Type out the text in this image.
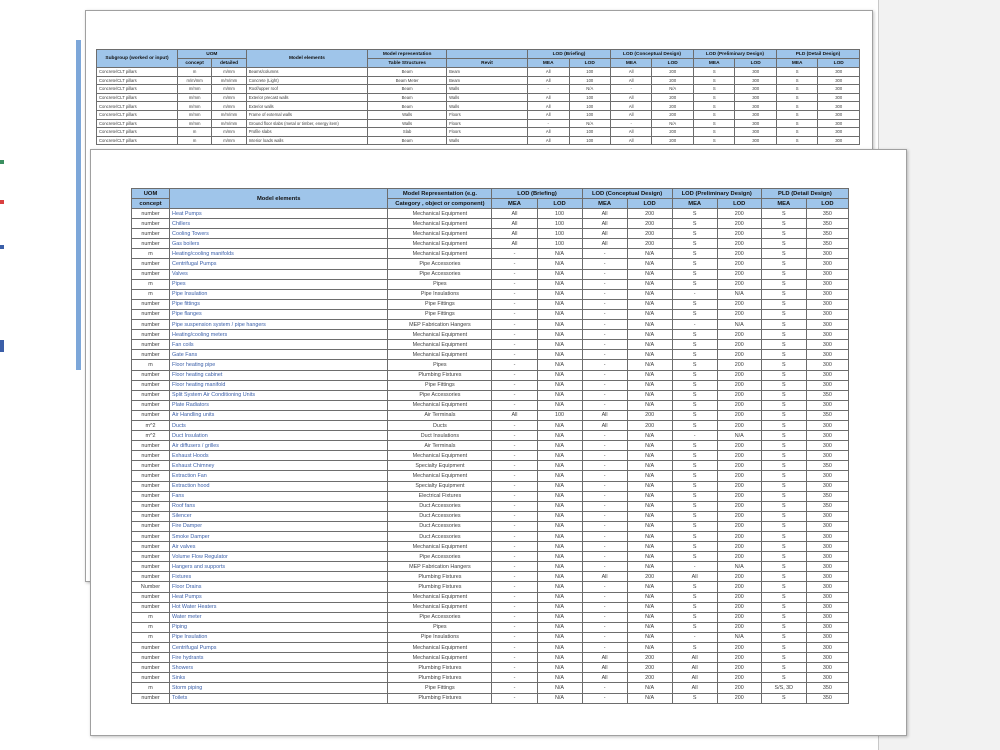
Subgroup (worked or input)	UOM		Model elements	Model representation		LOD (Briefing)		LOD (Conceptual Design)		LOD (Preliminary Design)		PLD (Detail Design)	
	concept	detailed		Table Structures	Revit	MEA	LOD	MEA	LOD	MEA	LOD	MEA	LOD
Concrete/CLT pillars	m	m/mm	Beams/columns	Beam	Beam	All	100	All	200	S	300	S	300
Concrete/CLT pillars	m/m/mm	m/m/mm	Concrete (Light)	Beam Meter	Beam	All	100	All	200	S	300	S	300
Concrete/CLT pillars	m/mm	m/mm	Roof/upper roof	Beam	Walls	-	N/A	-	N/A	S	300	S	300
Concrete/CLT pillars	m/mm	m/mm	Exterior precast walls	Beam	Walls	All	100	All	200	S	300	S	300
Concrete/CLT pillars	m/mm	m/mm	Exterior walls	Beam	Walls	All	100	All	200	S	300	S	300
Concrete/CLT pillars	m/mm	m/m/mm	Frame of external walls	Walls	Floors	All	100	All	200	S	300	S	300
Concrete/CLT pillars	m/mm	m/m/mm	Ground floor slabs (metal or timber, energy item)	Walls	Floors	-	N/A	-	N/A	S	300	S	300
Concrete/CLT pillars	m	m/mm	Profile slabs	Slab	Floors	All	100	All	200	S	300	S	300
Concrete/CLT pillars	m	m/mm	Interior loads walls	Beam	Walls	All	100	All	200	S	300	S	300
UOM	Model elements	Model Representation (e.g.	LOD (Briefing)		LOD (Conceptual Design)		LOD (Preliminary Design)		PLD (Detail Design)	
concept		Category , object or component)	MEA	LOD	MEA	LOD	MEA	LOD	MEA	LOD
number	Heat Pumps	Mechanical Equipment	All	100	All	200	S	200	S	350
number	Chillers	Mechanical Equipment	All	100	All	200	S	200	S	350
number	Cooling Towers	Mechanical Equipment	All	100	All	200	S	200	S	350
number	Gas boilers	Mechanical Equipment	All	100	All	200	S	200	S	350
m	Heating/cooling manifolds	Mechanical Equipment	-	N/A	-	N/A	S	200	S	300
number	Centrifugal Pumps	Pipe Accessories	-	N/A	-	N/A	S	200	S	300
number	Valves	Pipe Accessories	-	N/A	-	N/A	S	200	S	300
m	Pipes	Pipes	-	N/A	-	N/A	S	200	S	300
m	Pipe Insulation	Pipe Insulations	-	N/A	-	N/A	-	N/A	S	300
number	Pipe fittings	Pipe Fittings	-	N/A	-	N/A	S	200	S	300
number	Pipe flanges	Pipe Fittings	-	N/A	-	N/A	S	200	S	300
number	Pipe suspension system / pipe hangers	MEP Fabrication Hangers	-	N/A	-	N/A	-	N/A	S	300
number	Heating/cooling meters	Mechanical Equipment	-	N/A	-	N/A	S	200	S	300
number	Fan coils	Mechanical Equipment	-	N/A	-	N/A	S	200	S	300
number	Gate Fans	Mechanical Equipment	-	N/A	-	N/A	S	200	S	300
m	Floor heating pipe	Pipes	-	N/A	-	N/A	S	200	S	300
number	Floor heating cabinet	Plumbing Fixtures	-	N/A	-	N/A	S	200	S	300
number	Floor heating manifold	Pipe Fittings	-	N/A	-	N/A	S	200	S	300
number	Split System Air Conditioning Units	Pipe Accessories	-	N/A	-	N/A	S	200	S	350
number	Plate Radiators	Mechanical Equipment	-	N/A	-	N/A	S	200	S	300
number	Air Handling units	Air Terminals	All	100	All	200	S	200	S	350
m^2	Ducts	Ducts	-	N/A	All	200	S	200	S	300
m^2	Duct Insulation	Duct Insulations	-	N/A	-	N/A	-	N/A	S	300
number	Air diffusers / grilles	Air Terminals	-	N/A	-	N/A	S	200	S	300
number	Exhaust Hoods	Mechanical Equipment	-	N/A	-	N/A	S	200	S	300
number	Exhaust Chimney	Specialty Equipment	-	N/A	-	N/A	S	200	S	350
number	Extraction Fan	Mechanical Equipment	-	N/A	-	N/A	S	200	S	300
number	Extraction hood	Specialty Equipment	-	N/A	-	N/A	S	200	S	300
number	Fans	Electrical Fixtures	-	N/A	-	N/A	S	200	S	350
number	Roof fans	Duct Accessories	-	N/A	-	N/A	S	200	S	350
number	Silencer	Duct Accessories	-	N/A	-	N/A	S	200	S	300
number	Fire Damper	Duct Accessories	-	N/A	-	N/A	S	200	S	300
number	Smoke Damper	Duct Accessories	-	N/A	-	N/A	S	200	S	300
number	Air valves	Mechanical Equipment	-	N/A	-	N/A	S	200	S	300
number	Volume Flow Regulator	Pipe Accessories	-	N/A	-	N/A	S	200	S	300
number	Hangers and supports	MEP Fabrication Hangers	-	N/A	-	N/A	-	N/A	S	300
number	Fixtures	Plumbing Fixtures	-	N/A	All	200	All	200	S	300
Number	Floor Drains	Plumbing Fixtures	-	N/A	-	N/A	S	200	S	300
number	Heat Pumps	Mechanical Equipment	-	N/A	-	N/A	S	200	S	300
number	Hot Water Heaters	Mechanical Equipment	-	N/A	-	N/A	S	200	S	300
m	Water meter	Pipe Accessories	-	N/A	-	N/A	S	200	S	300
m	Piping	Pipes	-	N/A	-	N/A	S	200	S	300
m	Pipe Insulation	Pipe Insulations	-	N/A	-	N/A	-	N/A	S	300
number	Centrifugal Pumps	Mechanical Equipment	-	N/A	-	N/A	S	200	S	300
number	Fire hydrants	Mechanical Equipment	-	N/A	All	200	All	200	S	300
number	Showers	Plumbing Fixtures	-	N/A	All	200	All	200	S	300
number	Sinks	Plumbing Fixtures	-	N/A	All	200	All	200	S	300
m	Storm piping	Pipe Fittings	-	N/A	-	N/A	All	200	S/S, 3D	350
number	Toilets	Plumbing Fixtures	-	N/A	-	N/A	S	200	S	350
